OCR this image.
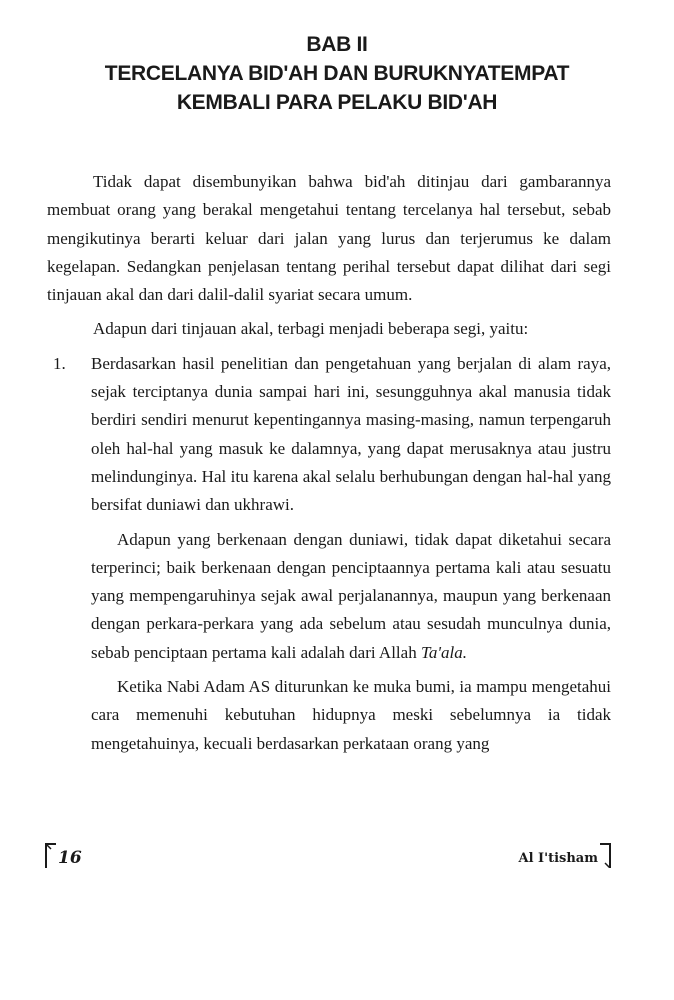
BAB II
TERCELANYA BID'AH DAN BURUKNYATEMPAT
KEMBALI PARA PELAKU BID'AH

Tidak dapat disembunyikan bahwa bid'ah ditinjau dari gambarannya membuat orang yang berakal mengetahui tentang tercelanya hal tersebut, sebab mengikutinya berarti keluar dari jalan yang lurus dan terjerumus ke dalam kegelapan. Sedangkan penjelasan tentang perihal tersebut dapat dilihat dari segi tinjauan akal dan dari dalil-dalil syariat secara umum.

Adapun dari tinjauan akal, terbagi menjadi beberapa segi, yaitu:

1. Berdasarkan hasil penelitian dan pengetahuan yang berjalan di alam raya, sejak terciptanya dunia sampai hari ini, sesungguhnya akal manusia tidak berdiri sendiri menurut kepentingannya masing-masing, namun terpengaruh oleh hal-hal yang masuk ke dalamnya, yang dapat merusaknya atau justru melindunginya. Hal itu karena akal selalu berhubungan dengan hal-hal yang bersifat duniawi dan ukhrawi.

Adapun yang berkenaan dengan duniawi, tidak dapat diketahui secara terperinci; baik berkenaan dengan penciptaannya pertama kali atau sesuatu yang mempengaruhinya sejak awal perjalanannya, maupun yang berkenaan dengan perkara-perkara yang ada sebelum atau sesudah munculnya dunia, sebab penciptaan pertama kali adalah dari Allah Ta'ala.

Ketika Nabi Adam AS diturunkan ke muka bumi, ia mampu mengetahui cara memenuhi kebutuhan hidupnya meski sebelumnya ia tidak mengetahuinya, kecuali berdasarkan perkataan orang yang

16	Al I'tisham
